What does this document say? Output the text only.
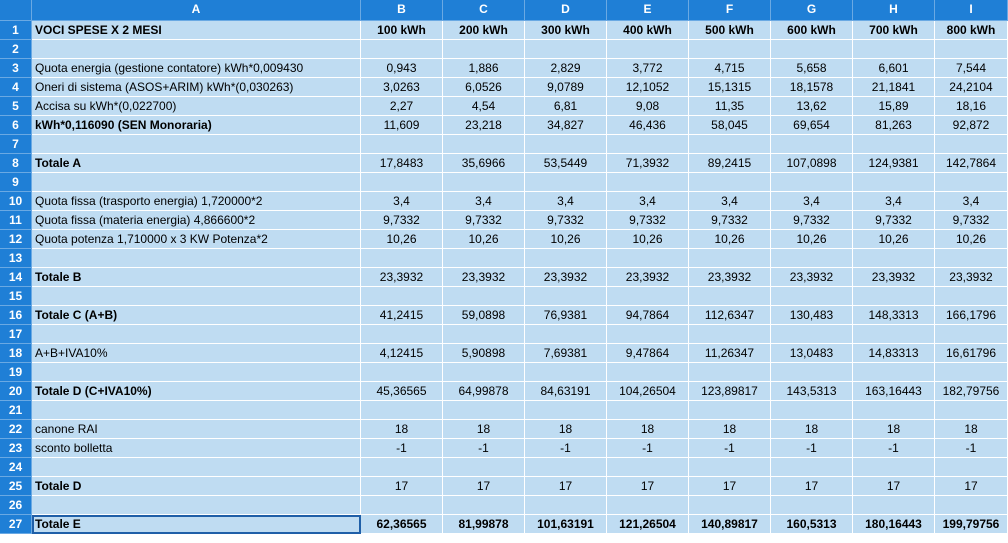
A	B	C	D	E	F	G	H	I
1	VOCI SPESE X 2 MESI	100 kWh	200 kWh	300 kWh	400 kWh	500 kWh	600 kWh	700 kWh	800 kWh
2
3	Quota energia (gestione contatore) kWh*0,009430	0,943	1,886	2,829	3,772	4,715	5,658	6,601	7,544
4	Oneri di sistema (ASOS+ARIM) kWh*(0,030263)	3,0263	6,0526	9,0789	12,1052	15,1315	18,1578	21,1841	24,2104
5	Accisa su kWh*(0,022700)	2,27	4,54	6,81	9,08	11,35	13,62	15,89	18,16
6	kWh*0,116090 (SEN Monoraria)	11,609	23,218	34,827	46,436	58,045	69,654	81,263	92,872
7
8	Totale A	17,8483	35,6966	53,5449	71,3932	89,2415	107,0898	124,9381	142,7864
9
10	Quota fissa (trasporto energia) 1,720000*2	3,4	3,4	3,4	3,4	3,4	3,4	3,4	3,4
11	Quota fissa (materia energia) 4,866600*2	9,7332	9,7332	9,7332	9,7332	9,7332	9,7332	9,7332	9,7332
12	Quota potenza 1,710000 x 3 KW Potenza*2	10,26	10,26	10,26	10,26	10,26	10,26	10,26	10,26
13
14	Totale B	23,3932	23,3932	23,3932	23,3932	23,3932	23,3932	23,3932	23,3932
15
16	Totale C (A+B)	41,2415	59,0898	76,9381	94,7864	112,6347	130,483	148,3313	166,1796
17
18	A+B+IVA10%	4,12415	5,90898	7,69381	9,47864	11,26347	13,0483	14,83313	16,61796
19
20	Totale D (C+IVA10%)	45,36565	64,99878	84,63191	104,26504	123,89817	143,5313	163,16443	182,79756
21
22	canone RAI	18	18	18	18	18	18	18	18
23	sconto bolletta	-1	-1	-1	-1	-1	-1	-1	-1
24
25	Totale D	17	17	17	17	17	17	17	17
26
27	Totale E	62,36565	81,99878	101,63191	121,26504	140,89817	160,5313	180,16443	199,79756
